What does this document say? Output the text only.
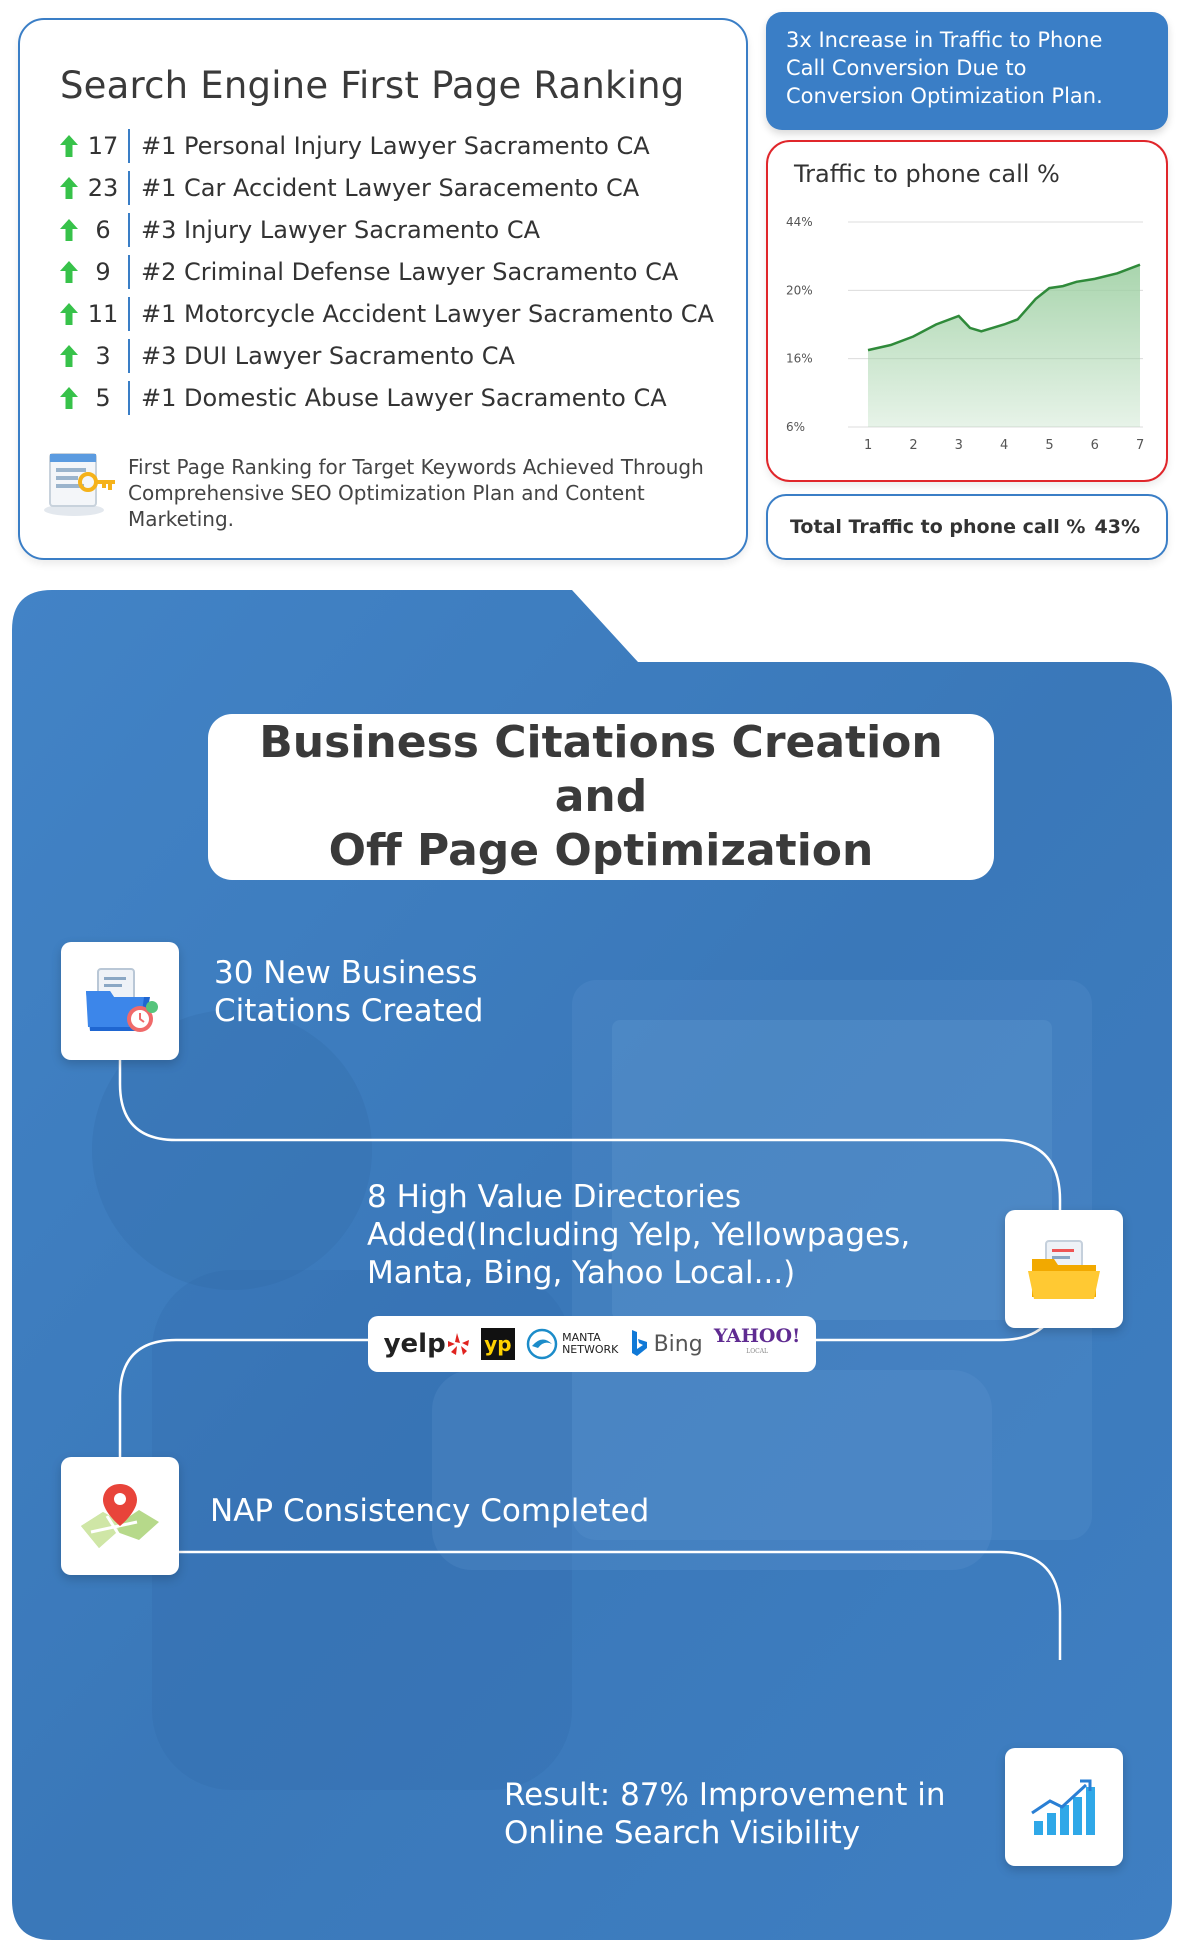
Search Engine First Page Ranking
17 #1 Personal Injury Lawyer Sacramento CA
23 #1 Car Accident Lawyer Saracemento CA
6	#3 Injury Lawyer Sacramento CA
9	#2 Criminal Defense Lawyer Sacramento CA
11 #1 Motorcycle Accident Lawyer Sacramento CA
3	#3 DUI Lawyer Sacramento CA
5	#1 Domestic Abuse Lawyer Sacramento CA
First Page Ranking for Target Keywords Achieved Through Comprehensive SEO Optimization Plan and Content Marketing.
3x Increase in Traffic to Phone Call Conversion Due to Conversion Optimization Plan.
Traffic to phone call %
6%
16%
20%
44%
1	2	3	4	5	6	7
Total Traffic to phone call % 43%
Business Citations Creation and
Off Page Optimization
30 New Business
Citations Created
8 High Value Directories
Added(Including Yelp, Yellowpages,
Manta, Bing, Yahoo Local...)
yelp yp	MANTA
NETWORK Bing YAHOO!
LOCAL
NAP Consistency Completed
Result: 87% Improvement in
Online Search Visibility
